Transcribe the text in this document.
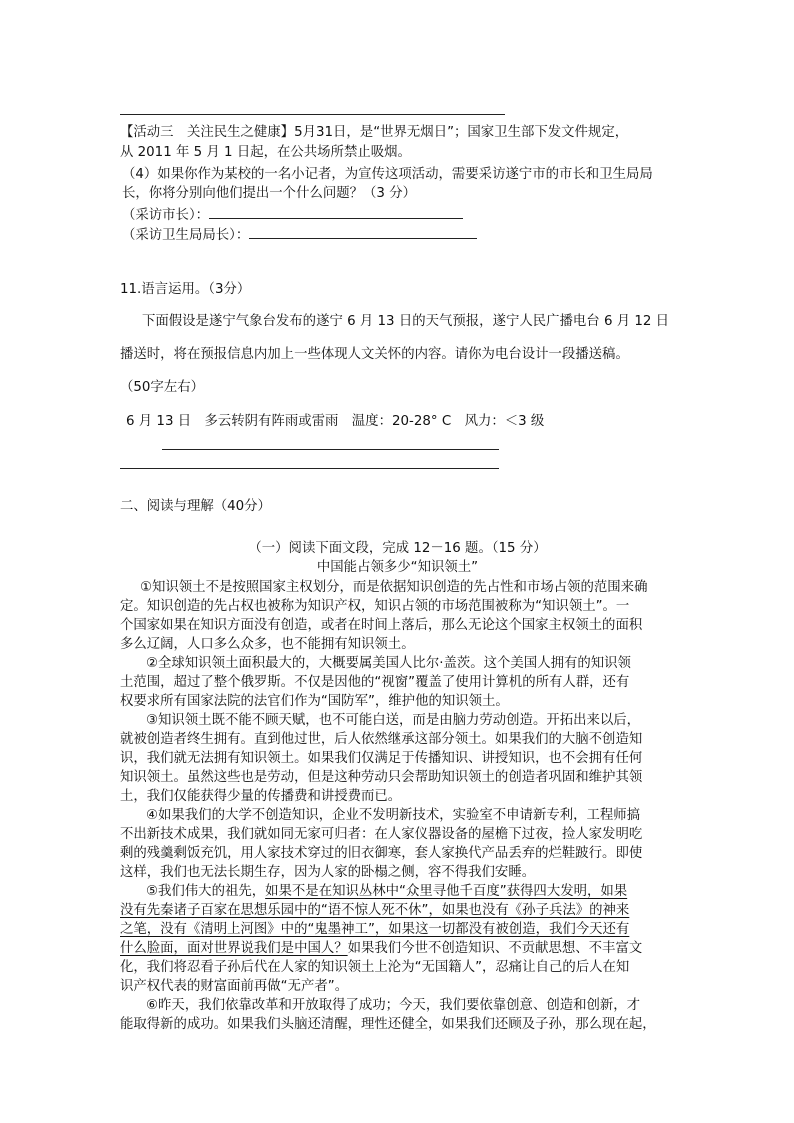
【活动三　关注民生之健康】5月31日，是“世界无烟日”；国家卫生部下发文件规定，
从 2011 年 5 月 1 日起，在公共场所禁止吸烟。
（4）如果你作为某校的一名小记者，为宣传这项活动，需要采访遂宁市的市长和卫生局局
长，你将分别向他们提出一个什么问题？（3 分）
（采访市长）：
（采访卫生局局长）：
11.语言运用。（3分）
下面假设是遂宁气象台发布的遂宁 6 月 13 日的天气预报，遂宁人民广播电台 6 月 12 日
播送时，将在预报信息内加上一些体现人文关怀的内容。请你为电台设计一段播送稿。
（50字左右）
6 月 13 日　多云转阴有阵雨或雷雨　温度：20-28° C　风力：＜3 级
二、阅读与理解（40分）
（一）阅读下面文段，完成 12－16 题。（15 分）
中国能占领多少“知识领土”
①知识领土不是按照国家主权划分，而是依据知识创造的先占性和市场占领的范围来确
定。知识创造的先占权也被称为知识产权，知识占领的市场范围被称为“知识领土”。一
个国家如果在知识方面没有创造，或者在时间上落后，那么无论这个国家主权领土的面积
多么辽阔，人口多么众多，也不能拥有知识领土。
②全球知识领土面积最大的，大概要属美国人比尔·盖茨。这个美国人拥有的知识领
土范围，超过了整个俄罗斯。不仅是因他的“视窗”覆盖了使用计算机的所有人群，还有
权要求所有国家法院的法官们作为“国防军”，维护他的知识领土。
③知识领土既不能不顾天赋，也不可能白送，而是由脑力劳动创造。开拓出来以后，
就被创造者终生拥有。直到他过世，后人依然继承这部分领土。如果我们的大脑不创造知
识，我们就无法拥有知识领土。如果我们仅满足于传播知识、讲授知识，也不会拥有任何
知识领土。虽然这些也是劳动，但是这种劳动只会帮助知识领土的创造者巩固和维护其领
土，我们仅能获得少量的传播费和讲授费而已。
④如果我们的大学不创造知识，企业不发明新技术，实验室不申请新专利，工程师搞
不出新技术成果，我们就如同无家可归者：在人家仪器设备的屋檐下过夜，捡人家发明吃
剩的残羹剩饭充饥，用人家技术穿过的旧衣御寒，套人家换代产品丢弃的烂鞋跛行。即使
这样，我们也无法长期生存，因为人家的卧榻之侧，容不得我们安睡。
⑤我们伟大的祖先，如果不是在知识丛林中“众里寻他千百度”获得四大发明，如果
没有先秦诸子百家在思想乐园中的“语不惊人死不休”，如果也没有《孙子兵法》的神来
之笔，没有《清明上河图》中的“鬼墨神工”，如果这一切都没有被创造，我们今天还有
什么脸面，面对世界说我们是中国人？如果我们今世不创造知识、不贡献思想、不丰富文
化，我们将忍看子孙后代在人家的知识领土上沦为“无国籍人”，忍痛让自己的后人在知
识产权代表的财富面前再做“无产者”。
⑥昨天，我们依靠改革和开放取得了成功；今天，我们要依靠创意、创造和创新，才
能取得新的成功。如果我们头脑还清醒，理性还健全，如果我们还顾及子孙，那么现在起，
